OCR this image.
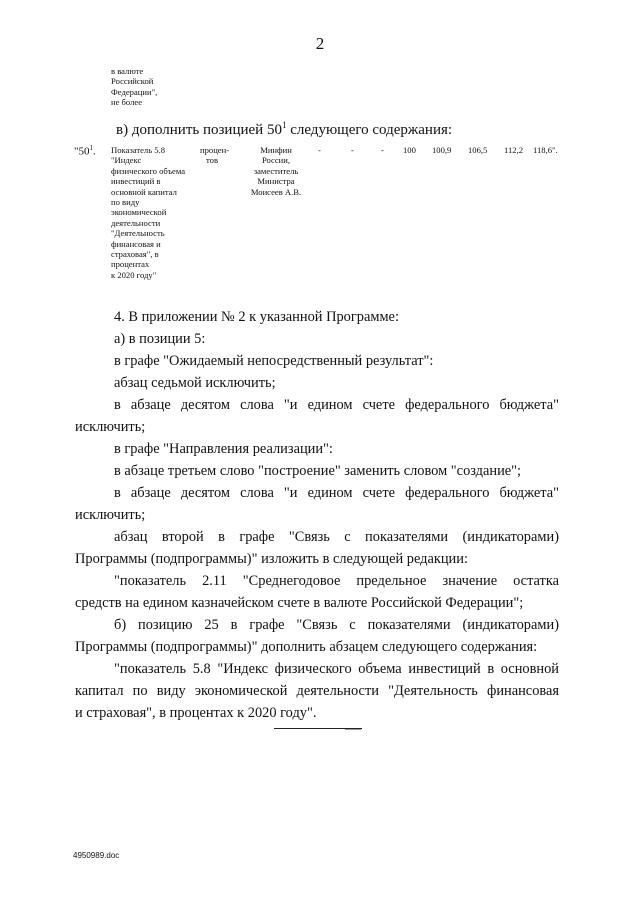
2
в валюте
Российской
Федерации",
не более
в) дополнить позицией $50^1$ следующего содержания:
"$50^1$. Показатель 5.8
"Индекс
физического объема
инвестиций в
основной капитал
по виду
экономической
деятельности
"Деятельность
финансовая и
страховая", в
процентах
к 2020 году"
процен-
тов
Минфин
России,
заместитель
Министра
Моисеев А.В.
-	-	- 100 100,9 106,5 112,2 118,6".
4. В приложении № 2 к указанной Программе:
а) в позиции 5:
в графе "Ожидаемый непосредственный результат":
абзац седьмой исключить;
в абзаце десятом слова "и едином счете федерального бюджета"
исключить;
в графе "Направления реализации":
в абзаце третьем слово "построение" заменить словом "создание";
в абзаце десятом слова "и едином счете федерального бюджета"
исключить;
абзац второй в графе "Связь с показателями (индикаторами)
Программы (подпрограммы)" изложить в следующей редакции:
"показатель 2.11 "Среднегодовое предельное значение остатка
средств на едином казначейском счете в валюте Российской Федерации";
б) позицию 25 в графе "Связь с показателями (индикаторами)
Программы (подпрограммы)" дополнить абзацем следующего содержания:
"показатель 5.8 "Индекс физического объема инвестиций в основной
капитал по виду экономической деятельности "Деятельность финансовая
и страховая", в процентах к 2020 году".
4950989.doc
